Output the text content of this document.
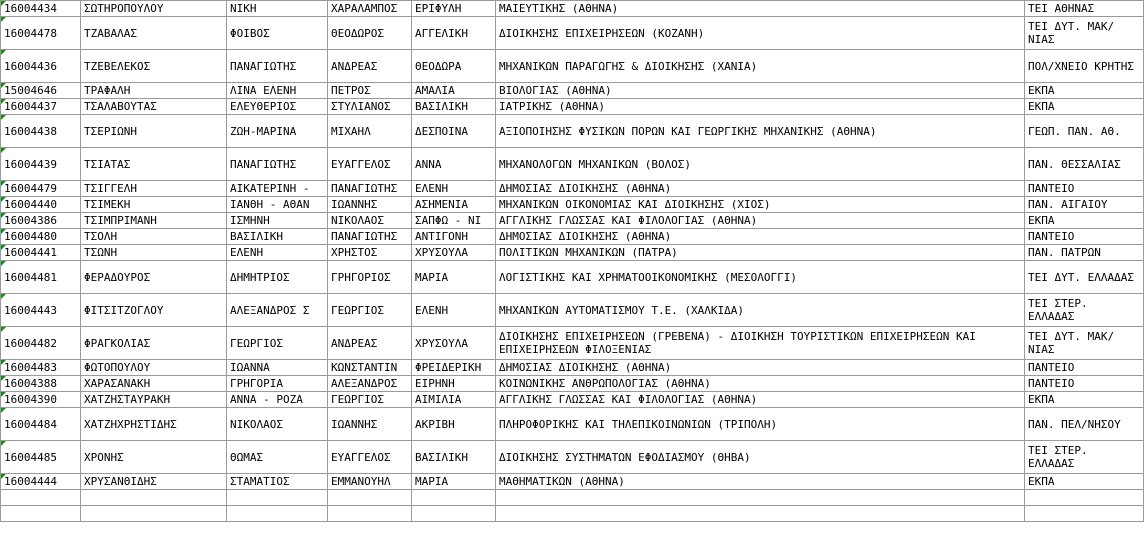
16004434	ΣΩΤΗΡΟΠΟΥΛΟΥ	ΝΙΚΗ	ΧΑΡΑΛΑΜΠΟΣ	ΕΡΙΦΥΛΗ	ΜΑΙΕΥΤΙΚΗΣ (ΑΘΗΝΑ)	ΤΕΙ ΑΘΗΝΑΣ
16004478	ΤΖΑΒΑΛΑΣ	ΦΟΙΒΟΣ	ΘΕΟΔΩΡΟΣ	ΑΓΓΕΛΙΚΗ	ΔΙΟΙΚΗΣΗΣ ΕΠΙΧΕΙΡΗΣΕΩΝ (ΚΟΖΑΝΗ)	ΤΕΙ ΔΥΤ. ΜΑΚ/ΝΙΑΣ
16004436	ΤΖΕΒΕΛΕΚΟΣ	ΠΑΝΑΓΙΩΤΗΣ	ΑΝΔΡΕΑΣ	ΘΕΟΔΩΡΑ	ΜΗΧΑΝΙΚΩΝ ΠΑΡΑΓΩΓΗΣ & ΔΙΟΙΚΗΣΗΣ (ΧΑΝΙΑ)	ΠΟΛ/ΧΝΕΙΟ ΚΡΗΤΗΣ
15004646	ΤΡΑΦΑΛΗ	ΛΙΝΑ ΕΛΕΝΗ	ΠΕΤΡΟΣ	ΑΜΑΛΙΑ	ΒΙΟΛΟΓΙΑΣ (ΑΘΗΝΑ)	ΕΚΠΑ
16004437	ΤΣΑΛΑΒΟΥΤΑΣ	ΕΛΕΥΘΕΡΙΟΣ	ΣΤΥΛΙΑΝΟΣ	ΒΑΣΙΛΙΚΗ	ΙΑΤΡΙΚΗΣ (ΑΘΗΝΑ)	ΕΚΠΑ
16004438	ΤΣΕΡΙΩΝΗ	ΖΩΗ-ΜΑΡΙΝΑ	ΜΙΧΑΗΛ	ΔΕΣΠΟΙΝΑ	ΑΞΙΟΠΟΙΗΣΗΣ ΦΥΣΙΚΩΝ ΠΟΡΩΝ ΚΑΙ ΓΕΩΡΓΙΚΗΣ ΜΗΧΑΝΙΚΗΣ (ΑΘΗΝΑ)	ΓΕΩΠ. ΠΑΝ. ΑΘ.
16004439	ΤΣΙΑΤΑΣ	ΠΑΝΑΓΙΩΤΗΣ	ΕΥΑΓΓΕΛΟΣ	ΑΝΝΑ	ΜΗΧΑΝΟΛΟΓΩΝ ΜΗΧΑΝΙΚΩΝ (ΒΟΛΟΣ)	ΠΑΝ. ΘΕΣΣΑΛΙΑΣ
16004479	ΤΣΙΓΓΕΛΗ	ΑΙΚΑΤΕΡΙΝΗ -	ΠΑΝΑΓΙΩΤΗΣ	ΕΛΕΝΗ	ΔΗΜΟΣΙΑΣ ΔΙΟΙΚΗΣΗΣ (ΑΘΗΝΑ)	ΠΑΝΤΕΙΟ
16004440	ΤΣΙΜΕΚΗ	ΙΑΝΘΗ - ΑΘΑΝ	ΙΩΑΝΝΗΣ	ΑΣΗΜΕΝΙΑ	ΜΗΧΑΝΙΚΩΝ ΟΙΚΟΝΟΜΙΑΣ ΚΑΙ ΔΙΟΙΚΗΣΗΣ (ΧΙΟΣ)	ΠΑΝ. ΑΙΓΑΙΟΥ
16004386	ΤΣΙΜΠΡΙΜΑΝΗ	ΙΣΜΗΝΗ	ΝΙΚΟΛΑΟΣ	ΣΑΠΦΩ - ΝΙ	ΑΓΓΛΙΚΗΣ ΓΛΩΣΣΑΣ ΚΑΙ ΦΙΛΟΛΟΓΙΑΣ (ΑΘΗΝΑ)	ΕΚΠΑ
16004480	ΤΣΟΛΗ	ΒΑΣΙΛΙΚΗ	ΠΑΝΑΓΙΩΤΗΣ	ΑΝΤΙΓΟΝΗ	ΔΗΜΟΣΙΑΣ ΔΙΟΙΚΗΣΗΣ (ΑΘΗΝΑ)	ΠΑΝΤΕΙΟ
16004441	ΤΣΩΝΗ	ΕΛΕΝΗ	ΧΡΗΣΤΟΣ	ΧΡΥΣΟΥΛΑ	ΠΟΛΙΤΙΚΩΝ ΜΗΧΑΝΙΚΩΝ (ΠΑΤΡΑ)	ΠΑΝ. ΠΑΤΡΩΝ
16004481	ΦΕΡΑΔΟΥΡΟΣ	ΔΗΜΗΤΡΙΟΣ	ΓΡΗΓΟΡΙΟΣ	ΜΑΡΙΑ	ΛΟΓΙΣΤΙΚΗΣ ΚΑΙ ΧΡΗΜΑΤΟΟΙΚΟΝΟΜΙΚΗΣ (ΜΕΣΟΛΟΓΓΙ)	ΤΕΙ ΔΥΤ. ΕΛΛΑΔΑΣ
16004443	ΦΙΤΣΙΤΖΟΓΛΟΥ	ΑΛΕΞΑΝΔΡΟΣ Σ	ΓΕΩΡΓΙΟΣ	ΕΛΕΝΗ	ΜΗΧΑΝΙΚΩΝ ΑΥΤΟΜΑΤΙΣΜΟΥ Τ.Ε. (ΧΑΛΚΙΔΑ)	ΤΕΙ ΣΤΕΡ. ΕΛΛΑΔΑΣ
16004482	ΦΡΑΓΚΟΛΙΑΣ	ΓΕΩΡΓΙΟΣ	ΑΝΔΡΕΑΣ	ΧΡΥΣΟΥΛΑ	ΔΙΟΙΚΗΣΗΣ ΕΠΙΧΕΙΡΗΣΕΩΝ (ΓΡΕΒΕΝΑ) - ΔΙΟΙΚΗΣΗ ΤΟΥΡΙΣΤΙΚΩΝ ΕΠΙΧΕΙΡΗΣΕΩΝ ΚΑΙ ΕΠΙΧΕΙΡΗΣΕΩΝ ΦΙΛΟΞΕΝΙΑΣ	ΤΕΙ ΔΥΤ. ΜΑΚ/ΝΙΑΣ
16004483	ΦΩΤΟΠΟΥΛΟΥ	ΙΩΑΝΝΑ	ΚΩΝΣΤΑΝΤΙΝ	ΦΡΕΙΔΕΡΙΚΗ	ΔΗΜΟΣΙΑΣ ΔΙΟΙΚΗΣΗΣ (ΑΘΗΝΑ)	ΠΑΝΤΕΙΟ
16004388	ΧΑΡΑΣΑΝΑΚΗ	ΓΡΗΓΟΡΙΑ	ΑΛΕΞΑΝΔΡΟΣ	ΕΙΡΗΝΗ	ΚΟΙΝΩΝΙΚΗΣ ΑΝΘΡΩΠΟΛΟΓΙΑΣ (ΑΘΗΝΑ)	ΠΑΝΤΕΙΟ
16004390	ΧΑΤΖΗΣΤΑΥΡΑΚΗ	ΑΝΝΑ - ΡΟΖΑ	ΓΕΩΡΓΙΟΣ	ΑΙΜΙΛΙΑ	ΑΓΓΛΙΚΗΣ ΓΛΩΣΣΑΣ ΚΑΙ ΦΙΛΟΛΟΓΙΑΣ (ΑΘΗΝΑ)	ΕΚΠΑ
16004484	ΧΑΤΖΗΧΡΗΣΤΙΔΗΣ	ΝΙΚΟΛΑΟΣ	ΙΩΑΝΝΗΣ	ΑΚΡΙΒΗ	ΠΛΗΡΟΦΟΡΙΚΗΣ ΚΑΙ ΤΗΛΕΠΙΚΟΙΝΩΝΙΩΝ (ΤΡΙΠΟΛΗ)	ΠΑΝ. ΠΕΛ/ΝΗΣΟΥ
16004485	ΧΡΟΝΗΣ	ΘΩΜΑΣ	ΕΥΑΓΓΕΛΟΣ	ΒΑΣΙΛΙΚΗ	ΔΙΟΙΚΗΣΗΣ ΣΥΣΤΗΜΑΤΩΝ ΕΦΟΔΙΑΣΜΟΥ (ΘΗΒΑ)	ΤΕΙ ΣΤΕΡ. ΕΛΛΑΔΑΣ
16004444	ΧΡΥΣΑΝΘΙΔΗΣ	ΣΤΑΜΑΤΙΟΣ	ΕΜΜΑΝΟΥΗΛ	ΜΑΡΙΑ	ΜΑΘΗΜΑΤΙΚΩΝ (ΑΘΗΝΑ)	ΕΚΠΑ
